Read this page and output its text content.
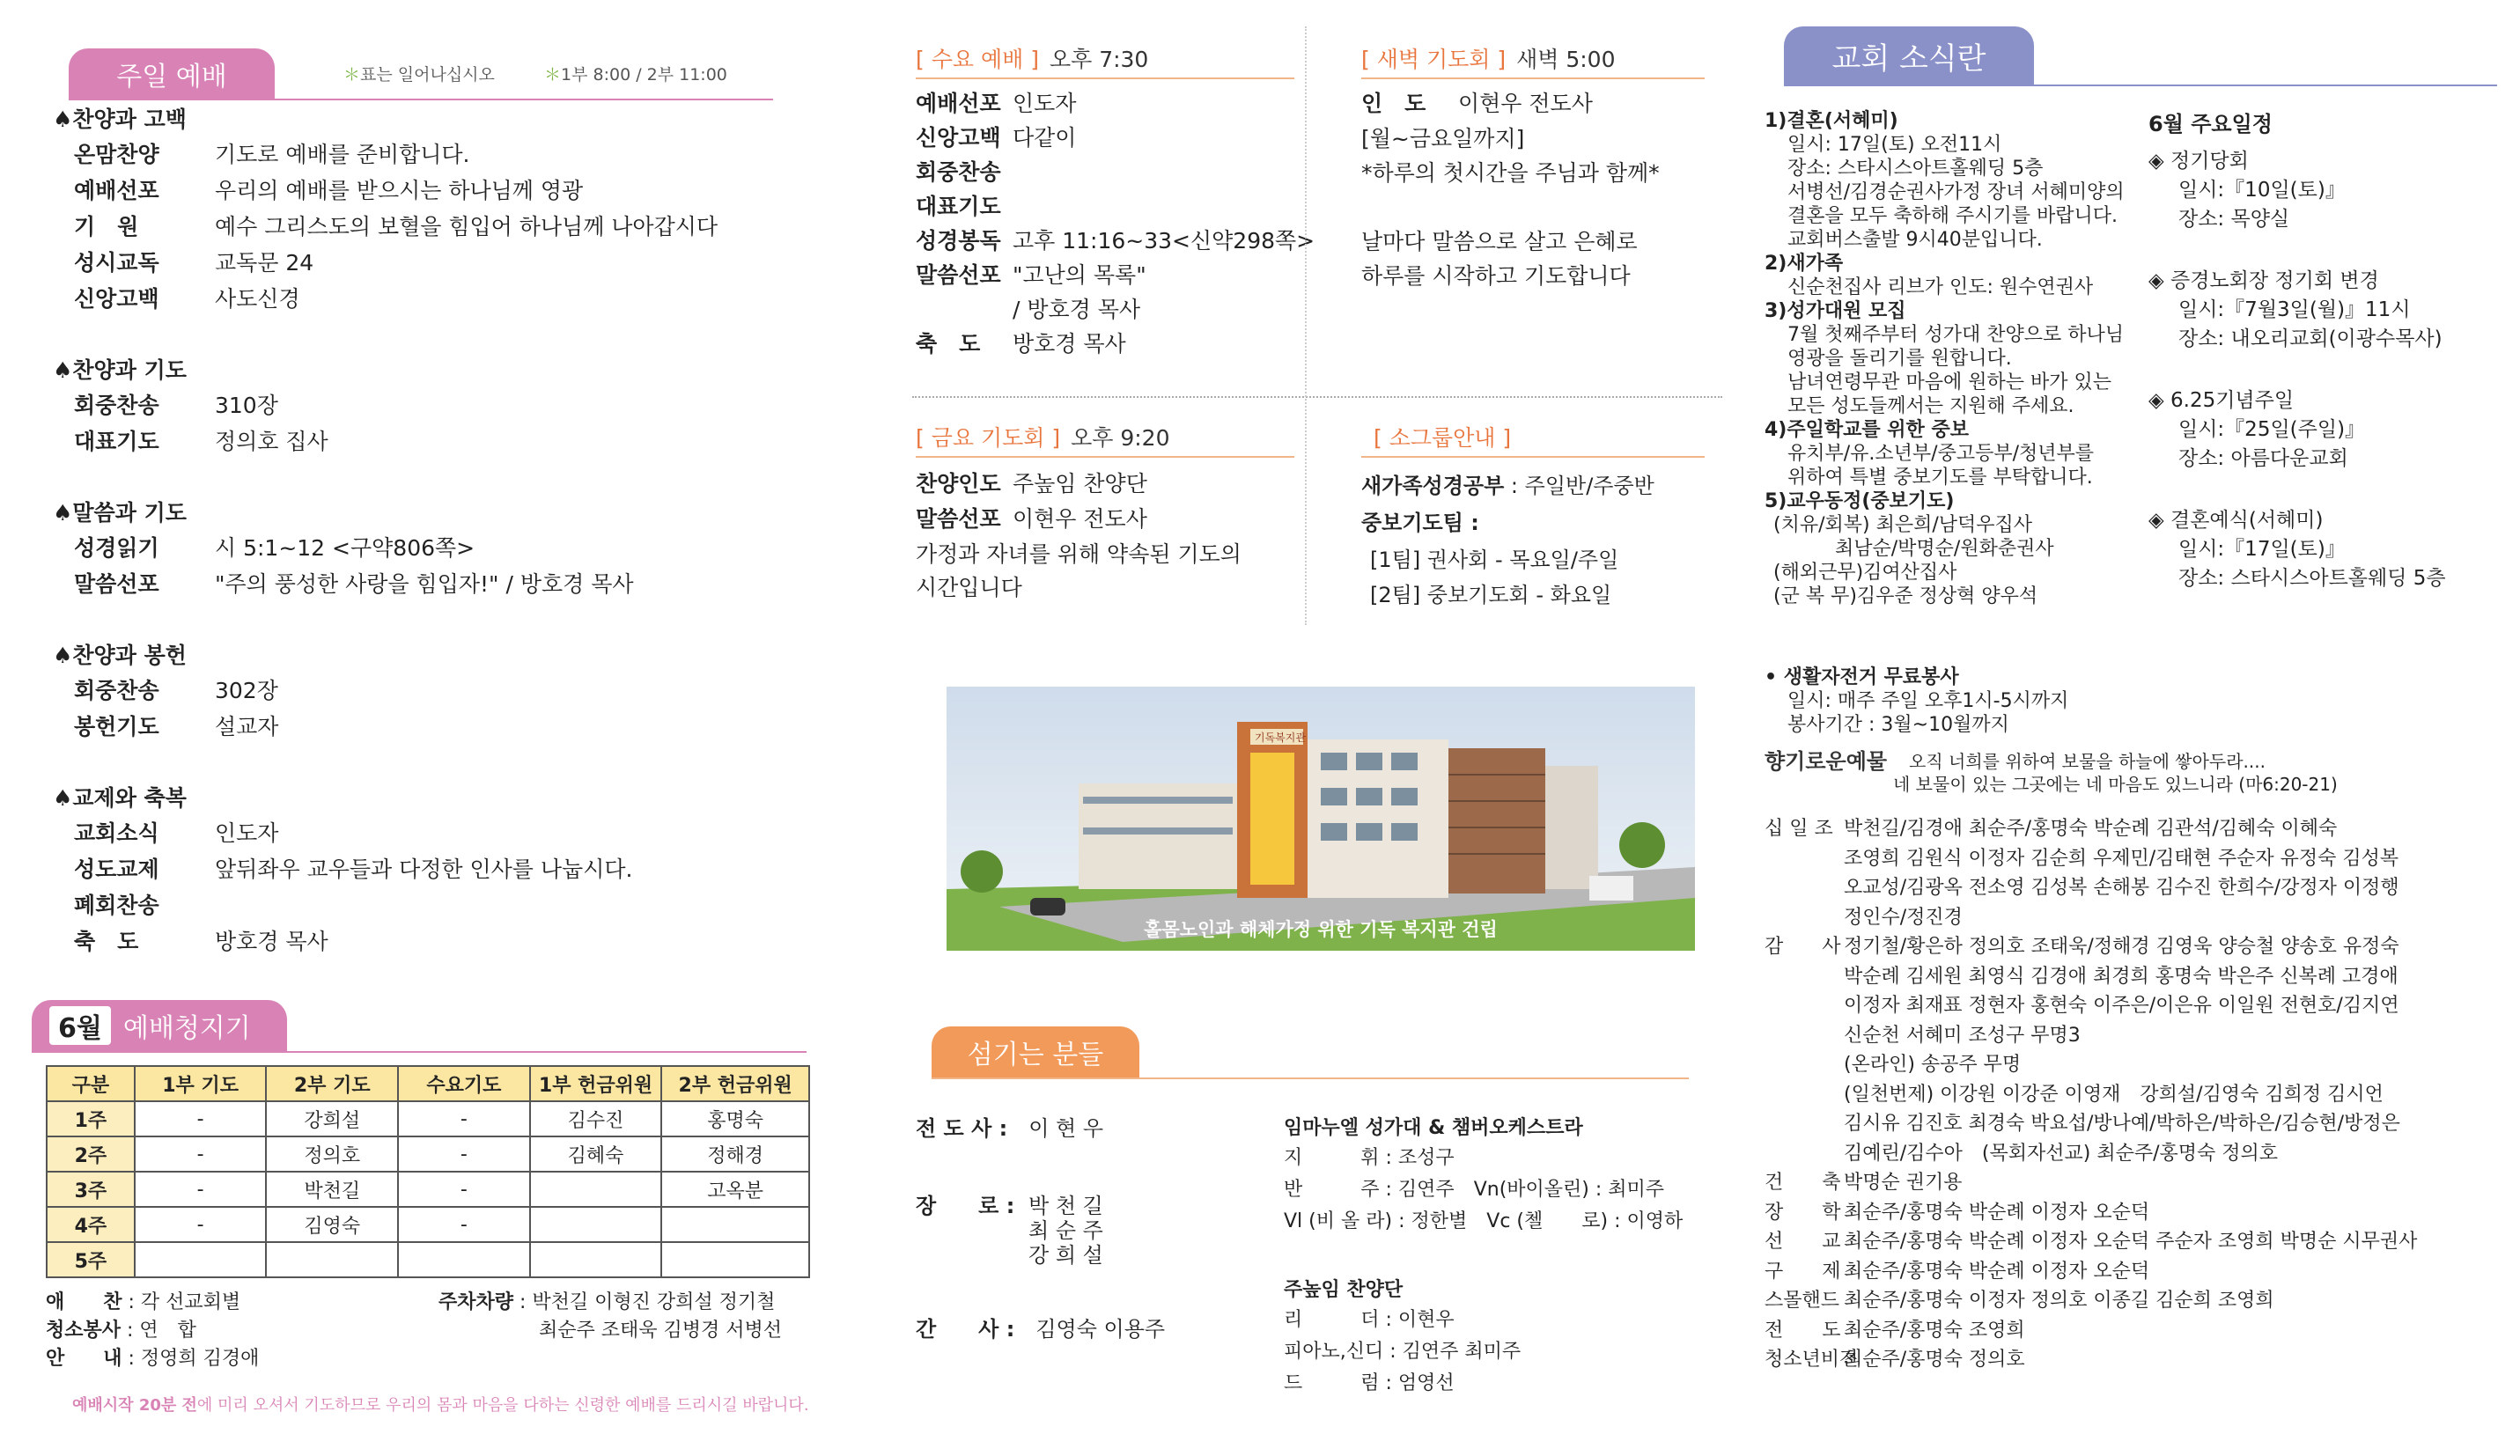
주일 예배	＊표는 일어나십시오	＊1부 8:00 / 2부 11:00
♠찬양과 고백
온맘찬양	기도로 예배를 준비합니다.
예배선포	우리의 예배를 받으시는 하나님께 영광
기　원	예수 그리스도의 보혈을 힘입어 하나님께 나아갑시다
성시교독	교독문 24
신앙고백	사도신경
♠찬양과 기도
회중찬송	310장
대표기도	정의호 집사
♠말씀과 기도
성경읽기	시 5:1~12 <구약806쪽>
말씀선포	"주의 풍성한 사랑을 힘입자!" / 방호경 목사
♠찬양과 봉헌
회중찬송	302장
봉헌기도	설교자
♠교제와 축복
교회소식	인도자
성도교제	앞뒤좌우 교우들과 다정한 인사를 나눕시다.
폐회찬송
축　도	방호경 목사
6월 예배청지기
구분	1부 기도	2부 기도	수요기도	1부 헌금위원	2부 헌금위원
1주	-	강희설	-	김수진	홍명숙
2주	-	정의호	-	김혜숙	정해경
3주	-	박천길	-		고옥분
4주	-	김영숙	-		
5주					
애　　찬 : 각 선교회별
청소봉사 : 연　합
안　　내 : 정영희 김경애
주차차량 : 박천길 이형진 강희설 정기철
최순주 조태욱 김병경 서병선
예배시작 20분 전에 미리 오셔서 기도하므로 우리의 몸과 마음을 다하는 신령한 예배를 드리시길 바랍니다.
[ 수요 예배 ] 오후 7:30
예배선포 인도자
신앙고백 다같이
회중찬송
대표기도
성경봉독 고후 11:16~33<신약298쪽>
말씀선포 "고난의 목록"
/ 방호경 목사
축　도	방호경 목사
[ 새벽 기도회 ] 새벽 5:00
인　도	이현우 전도사
[월~금요일까지]
*하루의 첫시간을 주님과 함께*
날마다 말씀으로 살고 은혜로
하루를 시작하고 기도합니다
[ 금요 기도회 ] 오후 9:20
찬양인도 주높임 찬양단
말씀선포 이현우 전도사
가정과 자녀를 위해 약속된 기도의
시간입니다
[ 소그룹안내 ]
새가족성경공부 : 주일반/주중반
중보기도팀 :
[1팀] 권사회 - 목요일/주일
[2팀] 중보기도회 - 화요일
기독복지관
홀몸노인과 해체가정 위한 기독 복지관 건립
섬기는 분들
전 도 사 :　 이 현 우
장　　로 : 박 천 길
최 순 주
강 희 설
간　　사 :　 김영숙 이용주
임마누엘 성가대 & 챔버오케스트라
지　　　휘 : 조성구
반　　　주 : 김연주　 Vn(바이올린) : 최미주
Vl (비 올 라) : 정한별　 Vc (첼　　로) : 이영하
주높임 찬양단
리　　　더 : 이현우
피아노,신디 : 김연주 최미주
드　　　럼 : 엄영선
교회 소식란
1)결혼(서혜미)
일시: 17일(토) 오전11시
장소: 스타시스아트홀웨딩 5층
서병선/김경순권사가정 장녀 서혜미양의
결혼을 모두 축하해 주시기를 바랍니다.
교회버스출발 9시40분입니다.
2)새가족
신순천집사 리브가 인도: 원수연권사
3)성가대원 모집
7월 첫째주부터 성가대 찬양으로 하나님
영광을 돌리기를 원합니다.
남녀연령무관 마음에 원하는 바가 있는
모든 성도들께서는 지원해 주세요.
4)주일학교를 위한 중보
유치부/유.소년부/중고등부/청년부를
위하여 특별 중보기도를 부탁합니다.
5)교우동정(중보기도)
(치유/회복) 최은희/남덕우집사
최남순/박명순/원화춘권사
(해외근무)김여산집사
(군 복 무)김우준 정상혁 양우석
6월 주요일정
◈ 정기당회
일시:『10일(토)』
장소: 목양실
◈ 증경노회장 정기회 변경
일시:『7월3일(월)』11시
장소: 내오리교회(이광수목사)
◈ 6.25기념주일
일시:『25일(주일)』
장소: 아름다운교회
◈ 결혼예식(서혜미)
일시:『17일(토)』
장소: 스타시스아트홀웨딩 5층
• 생활자전거 무료봉사
일시: 매주 주일 오후1시-5시까지
봉사기간 : 3월~10월까지
향기로운예물 오직 너희를 위하여 보물을 하늘에 쌓아두라....
네 보물이 있는 그곳에는 네 마음도 있느니라 (마6:20-21)
십 일 조 박천길/김경애 최순주/홍명숙 박순례 김관석/김혜숙 이혜숙
조영희 김원식 이정자 김순희 우제민/김태현 주순자 유정숙 김성복
오교성/김광옥 전소영 김성복 손해봉 김수진 한희수/강정자 이정행
정인수/정진경
감　　사 정기철/황은하 정의호 조태욱/정해경 김영욱 양승철 양송호 유정숙
박순례 김세원 최영식 김경애 최경희 홍명숙 박은주 신복례 고경애
이정자 최재표 정현자 홍현숙 이주은/이은유 이일원 전현호/김지연
신순천 서혜미 조성구 무명3
(온라인) 송공주 무명
(일천번제) 이강원 이강준 이영재　강희설/김영숙 김희정 김시언
김시유 김진호 최경숙 박요섭/방나예/박하은/박하은/김승현/방정은
김예린/김수아　(목회자선교) 최순주/홍명숙 정의호
건　　축 박명순 권기용
장　　학 최순주/홍명숙 박순례 이정자 오순덕
선　　교 최순주/홍명숙 박순례 이정자 오순덕 주순자 조영희 박명순 시무권사
구　　제 최순주/홍명숙 박순례 이정자 오순덕
스몰핸드 최순주/홍명숙 이정자 정의호 이종길 김순희 조영희
전　　도 최순주/홍명숙 조영희
청소년비전
최순주/홍명숙 정의호
